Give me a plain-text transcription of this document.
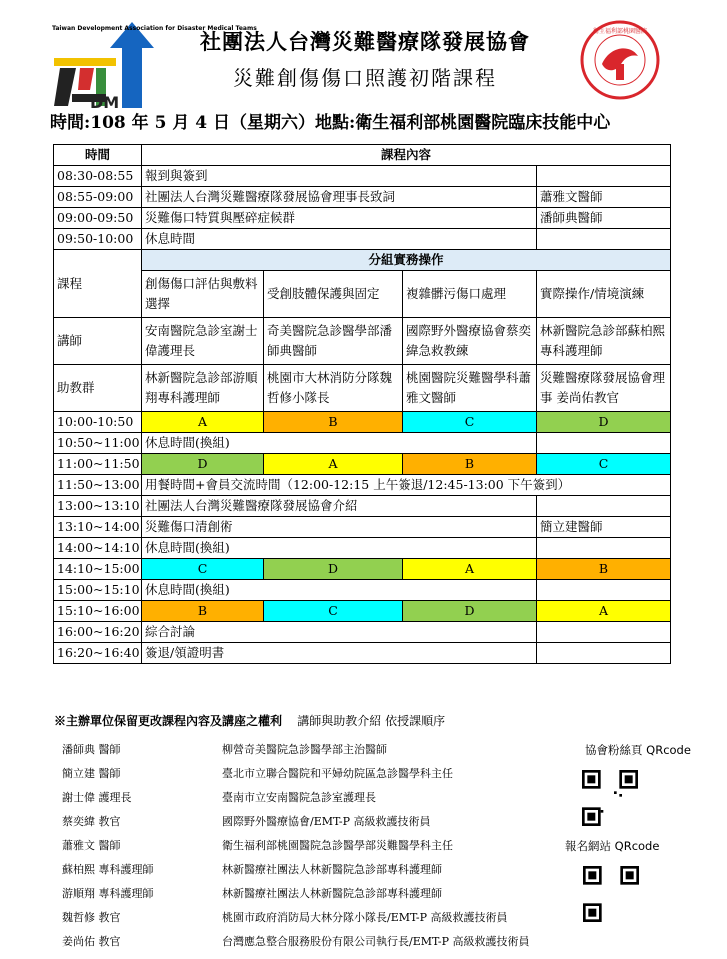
DM
Taiwan Development Association for Disaster Medical Teams
社團法人台灣災難醫療隊發展協會
災難創傷傷口照護初階課程
衛生福利部桃園醫院
時間:108 年 5 月 4 日（星期六）地點:衛生福利部桃園醫院臨床技能中心
時間	課程內容	
08:30-08:55	報到與簽到				
08:55-09:00	社團法人台灣災難醫療隊發展協會理事長致詞			蕭雅文醫師	
09:00-09:50	災難傷口特質與壓碎症候群			潘師典醫師	
09:50-10:00	休息時間				
課程	分組實務操作				
	創傷傷口評估與敷料選擇	受創肢體保護與固定	複雜髒污傷口處理	實際操作/情境演練	
講師	安南醫院急診室謝士偉護理長	奇美醫院急診醫學部潘師典醫師	國際野外醫療協會蔡奕緯急救教練	林新醫院急診部蘇柏熙專科護理師	
助教群	林新醫院急診部游順翔專科護理師	桃園市大林消防分隊魏哲修小隊長	桃園醫院災難醫學科蕭雅文醫師	災難醫療隊發展協會理事 姜尚佑教官	
10:00-10:50	A	B	C	D	
10:50~11:00	休息時間(換組)				
11:00~11:50	D	A	B	C	
11:50~13:00	用餐時間+會員交流時間（12:00-12:15 上午簽退/12:45-13:00 下午簽到）				
13:00~13:10	社團法人台灣災難醫療隊發展協會介紹				
13:10~14:00	災難傷口清創術			簡立建醫師	
14:00~14:10	休息時間(換組)				
14:10~15:00	C	D	A	B	
15:00~15:10	休息時間(換組)				
15:10~16:00	B	C	D	A	
16:00~16:20	綜合討論				
16:20~16:40	簽退/領證明書				
※主辦單位保留更改課程內容及講座之權利 講師與助教介紹 依授課順序
潘師典 醫師	柳營奇美醫院急診醫學部主治醫師
簡立建 醫師	臺北市立聯合醫院和平婦幼院區急診醫學科主任
謝士偉 護理長	臺南市立安南醫院急診室護理長
蔡奕緯 教官	國際野外醫療協會/EMT-P 高級救護技術員
蕭雅文 醫師	衛生福利部桃園醫院急診醫學部災難醫學科主任
蘇柏熙 專科護理師	林新醫療社團法人林新醫院急診部專科護理師
游順翔 專科護理師	林新醫療社團法人林新醫院急診部專科護理師
魏哲修 教官	桃園市政府消防局大林分隊小隊長/EMT-P 高級救護技術員
姜尚佑 教官	台灣應急整合服務股份有限公司執行長/EMT-P 高級救護技術員
協會粉絲頁 QRcode
報名網站 QRcode
